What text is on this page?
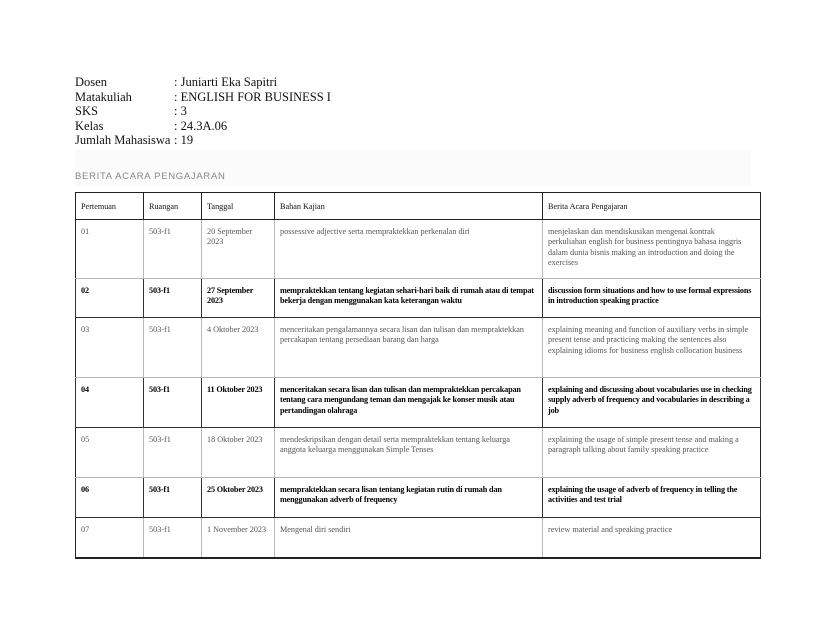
Dosen	: Juniarti Eka Sapitri
Matakuliah	: ENGLISH FOR BUSINESS I
SKS	: 3
Kelas	: 24.3A.06
Jumlah Mahasiswa : 19
BERITA ACARA PENGAJARAN
Pertemuan	Ruangan	Tanggal	Bahan Kajian	Berita Acara Pengajaran
01	503-f1	20 September 2023	possessive adjective serta mempraktekkan perkenalan diri	menjelaskan dan mendiskusikan mengenai kontrak perkuliahan english for business pentingnya bahasa inggris dalam dunia bisnis making an introduction and doing the exercises
02	503-f1	27 September 2023	mempraktekkan tentang kegiatan sehari-hari baik di rumah atau di tempat bekerja dengan menggunakan kata keterangan waktu	discussion form situations and how to use formal expressions in introduction speaking practice
03	503-f1	4 Oktober 2023	menceritakan pengalamannya secara lisan dan tulisan dan mempraktekkan percakapan tentang persediaan barang dan harga	explaining meaning and function of auxiliary verbs in simple present tense and practicing making the sentences also explaining idioms for business english collocation business
04	503-f1	11 Oktober 2023	menceritakan secara lisan dan tulisan dan mempraktekkan percakapan tentang cara mengundang teman dan mengajak ke konser musik atau pertandingan olahraga	explaining and discussing about vocabularies use in checking supply adverb of frequency and vocabularies in describing a job
05	503-f1	18 Oktober 2023	mendeskripsikan dengan detail serta mempraktekkan tentang keluarga anggota keluarga menggunakan Simple Tenses	explaining the usage of simple present tense and making a paragraph talking about family speaking practice
06	503-f1	25 Oktober 2023	mempraktekkan secara lisan tentang kegiatan rutin di rumah dan menggunakan adverb of frequency	explaining the usage of adverb of frequency in telling the activities and test trial
07	503-f1	1 November 2023	Mengenal diri sendiri	review material and speaking practice
